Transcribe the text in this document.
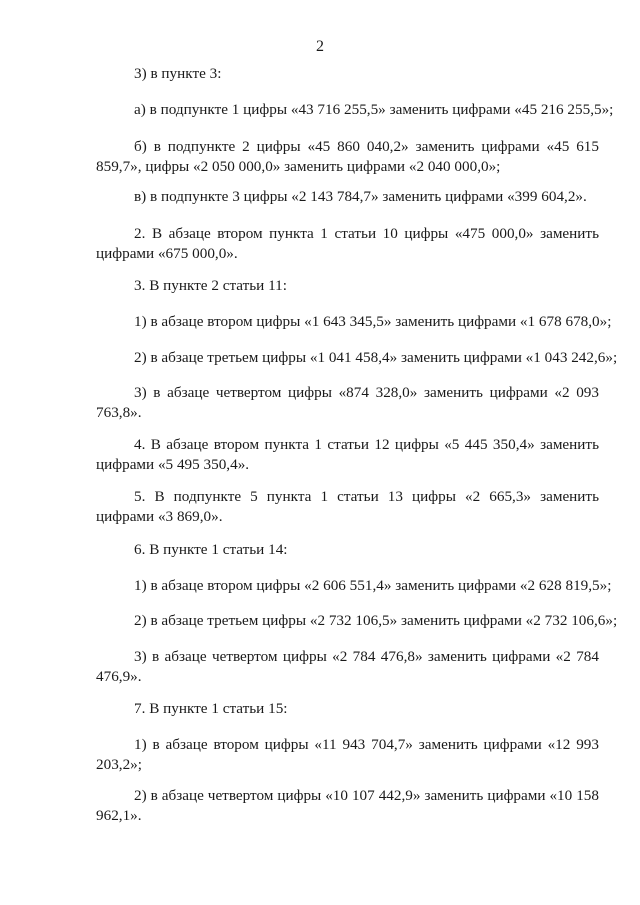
2

3) в пункте 3:

а) в подпункте 1 цифры «43 716 255,5» заменить цифрами «45 216 255,5»;

б) в подпункте 2 цифры «45 860 040,2» заменить цифрами «45 615 859,7», цифры «2 050 000,0» заменить цифрами «2 040 000,0»;

в) в подпункте 3 цифры «2 143 784,7» заменить цифрами «399 604,2».

2. В абзаце втором пункта 1 статьи 10 цифры «475 000,0» заменить цифрами «675 000,0».

3. В пункте 2 статьи 11:

1) в абзаце втором цифры «1 643 345,5» заменить цифрами «1 678 678,0»;

2) в абзаце третьем цифры «1 041 458,4» заменить цифрами «1 043 242,6»;

3) в абзаце четвертом цифры «874 328,0» заменить цифрами «2 093 763,8».

4. В абзаце втором пункта 1 статьи 12 цифры «5 445 350,4» заменить цифрами «5 495 350,4».

5. В подпункте 5 пункта 1 статьи 13 цифры «2 665,3» заменить цифрами «3 869,0».

6. В пункте 1 статьи 14:

1) в абзаце втором цифры «2 606 551,4» заменить цифрами «2 628 819,5»;

2) в абзаце третьем цифры «2 732 106,5» заменить цифрами «2 732 106,6»;

3) в абзаце четвертом цифры «2 784 476,8» заменить цифрами «2 784 476,9».

7. В пункте 1 статьи 15:

1) в абзаце втором цифры «11 943 704,7» заменить цифрами «12 993 203,2»;

2) в абзаце четвертом цифры «10 107 442,9» заменить цифрами «10 158 962,1».
